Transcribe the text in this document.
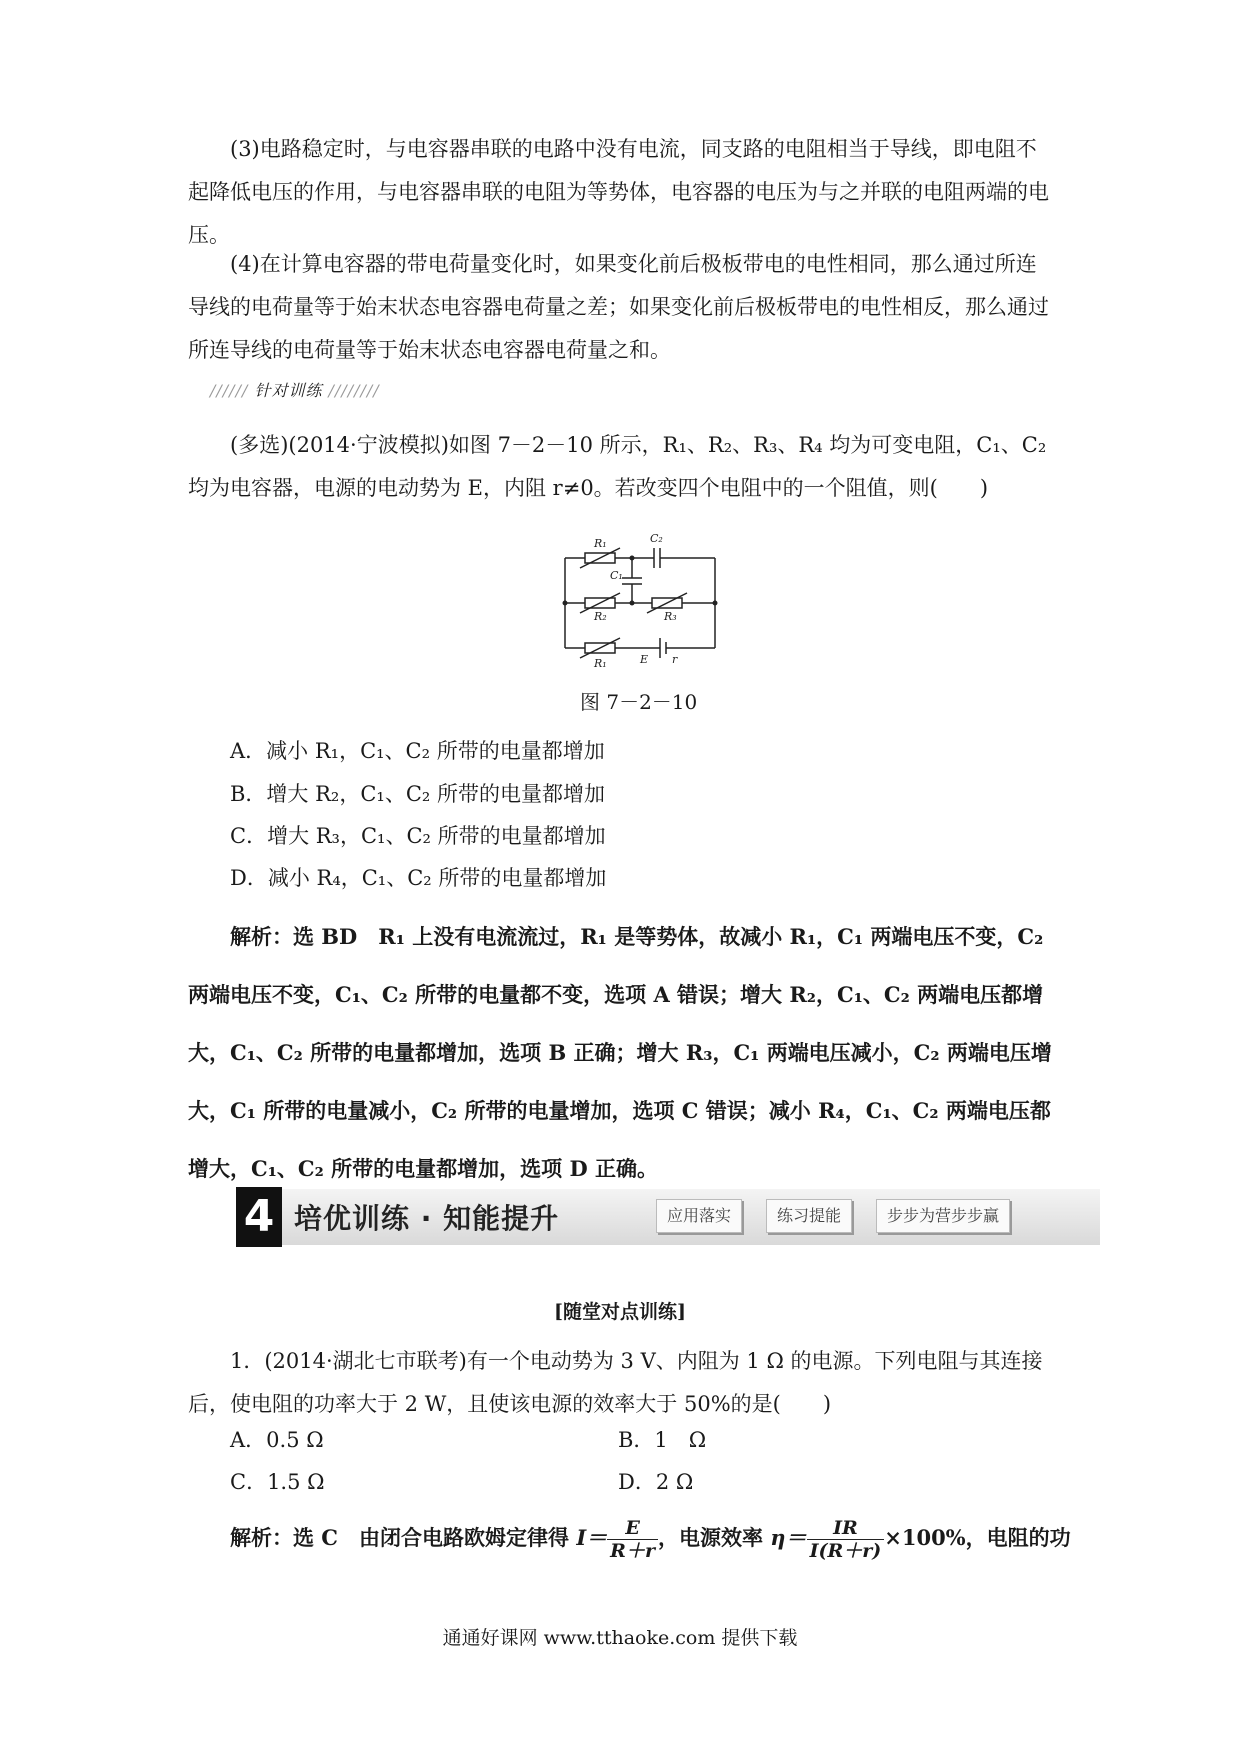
(3)电路稳定时，与电容器串联的电路中没有电流，同支路的电阻相当于导线，即电阻不起降低电压的作用，与电容器串联的电阻为等势体，电容器的电压为与之并联的电阻两端的电压。

(4)在计算电容器的带电荷量变化时，如果变化前后极板带电的电性相同，那么通过所连导线的电荷量等于始末状态电容器电荷量之差；如果变化前后极板带电的电性相反，那么通过所连导线的电荷量等于始末状态电容器电荷量之和。

////// 针对训练 ////////

(多选)(2014·宁波模拟)如图 7－2－10 所示，R₁、R₂、R₃、R₄ 均为可变电阻，C₁、C₂ 均为电容器，电源的电动势为 E，内阻 r≠0。若改变四个电阻中的一个阻值，则(　　)

R₁	C₂
C₁
R₂	R₃
R₁	E r
图 7－2－10
A．减小 R₁，C₁、C₂ 所带的电量都增加
B．增大 R₂，C₁、C₂ 所带的电量都增加
C．增大 R₃，C₁、C₂ 所带的电量都增加
D．减小 R₄，C₁、C₂ 所带的电量都增加

解析：选 BD　R₁ 上没有电流流过，R₁ 是等势体，故减小 R₁，C₁ 两端电压不变，C₂ 两端电压不变，C₁、C₂ 所带的电量都不变，选项 A 错误；增大 R₂，C₁、C₂ 两端电压都增大，C₁、C₂ 所带的电量都增加，选项 B 正确；增大 R₃，C₁ 两端电压减小，C₂ 两端电压增大，C₁ 所带的电量减小，C₂ 所带的电量增加，选项 C 错误；减小 R₄，C₁、C₂ 两端电压都增大，C₁、C₂ 所带的电量都增加，选项 D 正确。

4 培优训练 · 知能提升	应用落实	练习提能	步步为营步步赢
[随堂对点训练]

1．(2014·湖北七市联考)有一个电动势为 3 V、内阻为 1 Ω 的电源。下列电阻与其连接后，使电阻的功率大于 2 W，且使该电源的效率大于 50%的是(　　)

A．0.5 Ω	B．1　Ω
C．1.5 Ω	D．2 Ω
解析：选 C　由闭合电路欧姆定律得 $I= \frac{E}{R+r}$ ，电源效率 $\eta= \frac{IR}{I(R+r)} \times 100\%$，电阻的功
通通好课网 www.tthaoke.com 提供下载
